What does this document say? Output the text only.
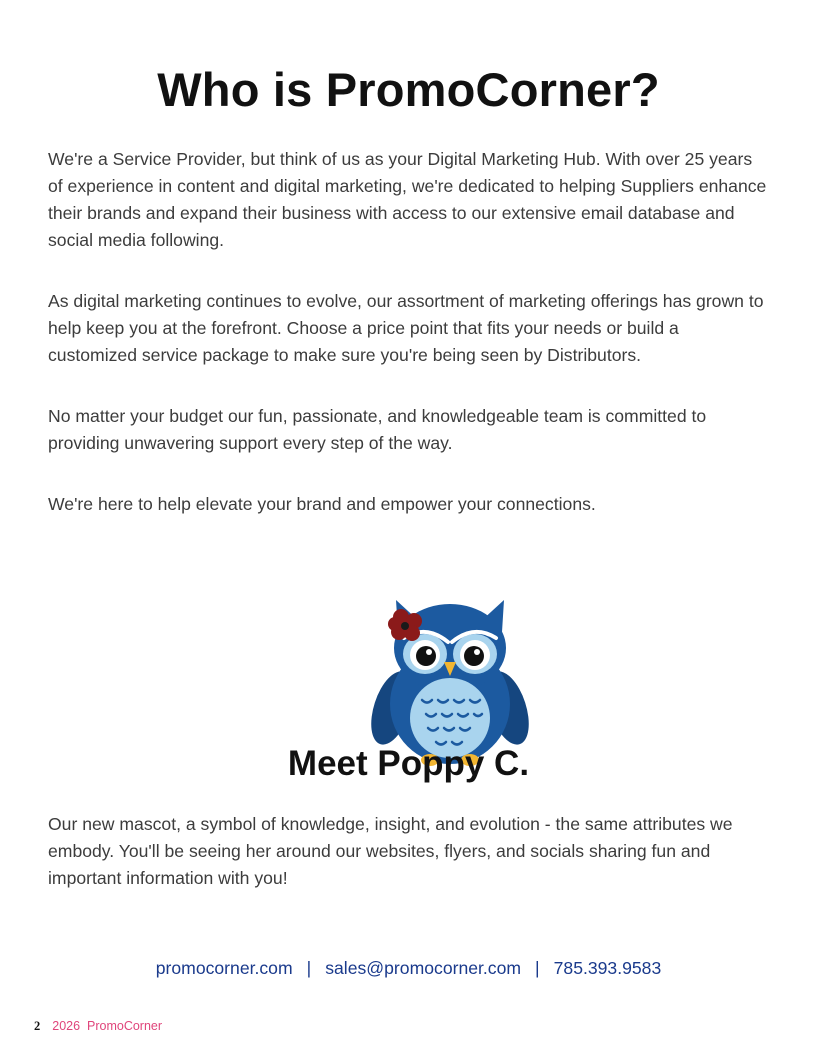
Who is PromoCorner?

We're a Service Provider, but think of us as your Digital Marketing Hub. With over 25 years of experience in content and digital marketing, we're dedicated to helping Suppliers enhance their brands and expand their business with access to our extensive email database and social media following.

As digital marketing continues to evolve, our assortment of marketing offerings has grown to help keep you at the forefront. Choose a price point that fits your needs or build a customized service package to make sure you're being seen by Distributors.

No matter your budget our fun, passionate, and knowledgeable team is committed to providing unwavering support every step of the way.

We're here to help elevate your brand and empower your connections.

Meet Poppy C.

Our new mascot, a symbol of knowledge, insight, and evolution - the same attributes we embody. You'll be seeing her around our websites, flyers, and socials sharing fun and important information with you!

promocorner.com | sales@promocorner.com | 785.393.9583
2 2026  PromoCorner
